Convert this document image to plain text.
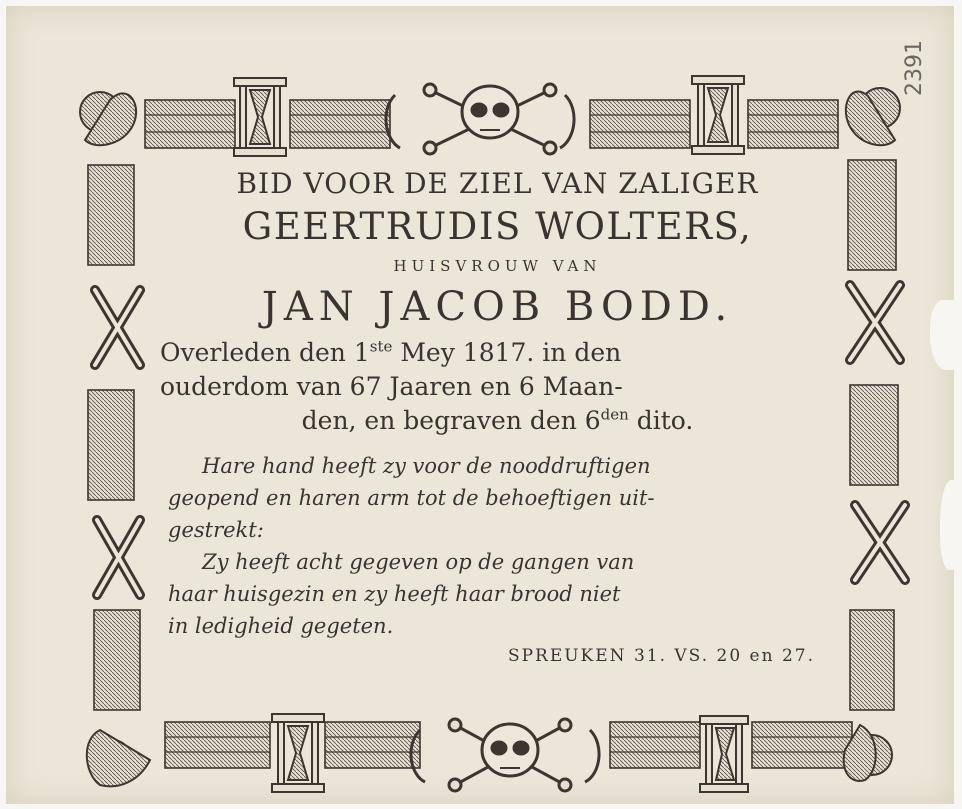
2391
BID VOOR DE ZIEL VAN ZALIGER
GEERTRUDIS WOLTERS,
HUISVROUW VAN
JAN JACOB BODD.
Overleden den 1ste Mey 1817. in den
ouderdom van 67 Jaaren en 6 Maan-
den, en begraven den $6^{den}$ dito.
Hare hand heeft zy voor de nooddruftigen
geopend en haren arm tot de behoeftigen uit-
gestrekt:
Zy heeft acht gegeven op de gangen van
haar huisgezin en zy heeft haar brood niet
in ledigheid gegeten.
SPREUKEN 31. VS. 20 en 27.
